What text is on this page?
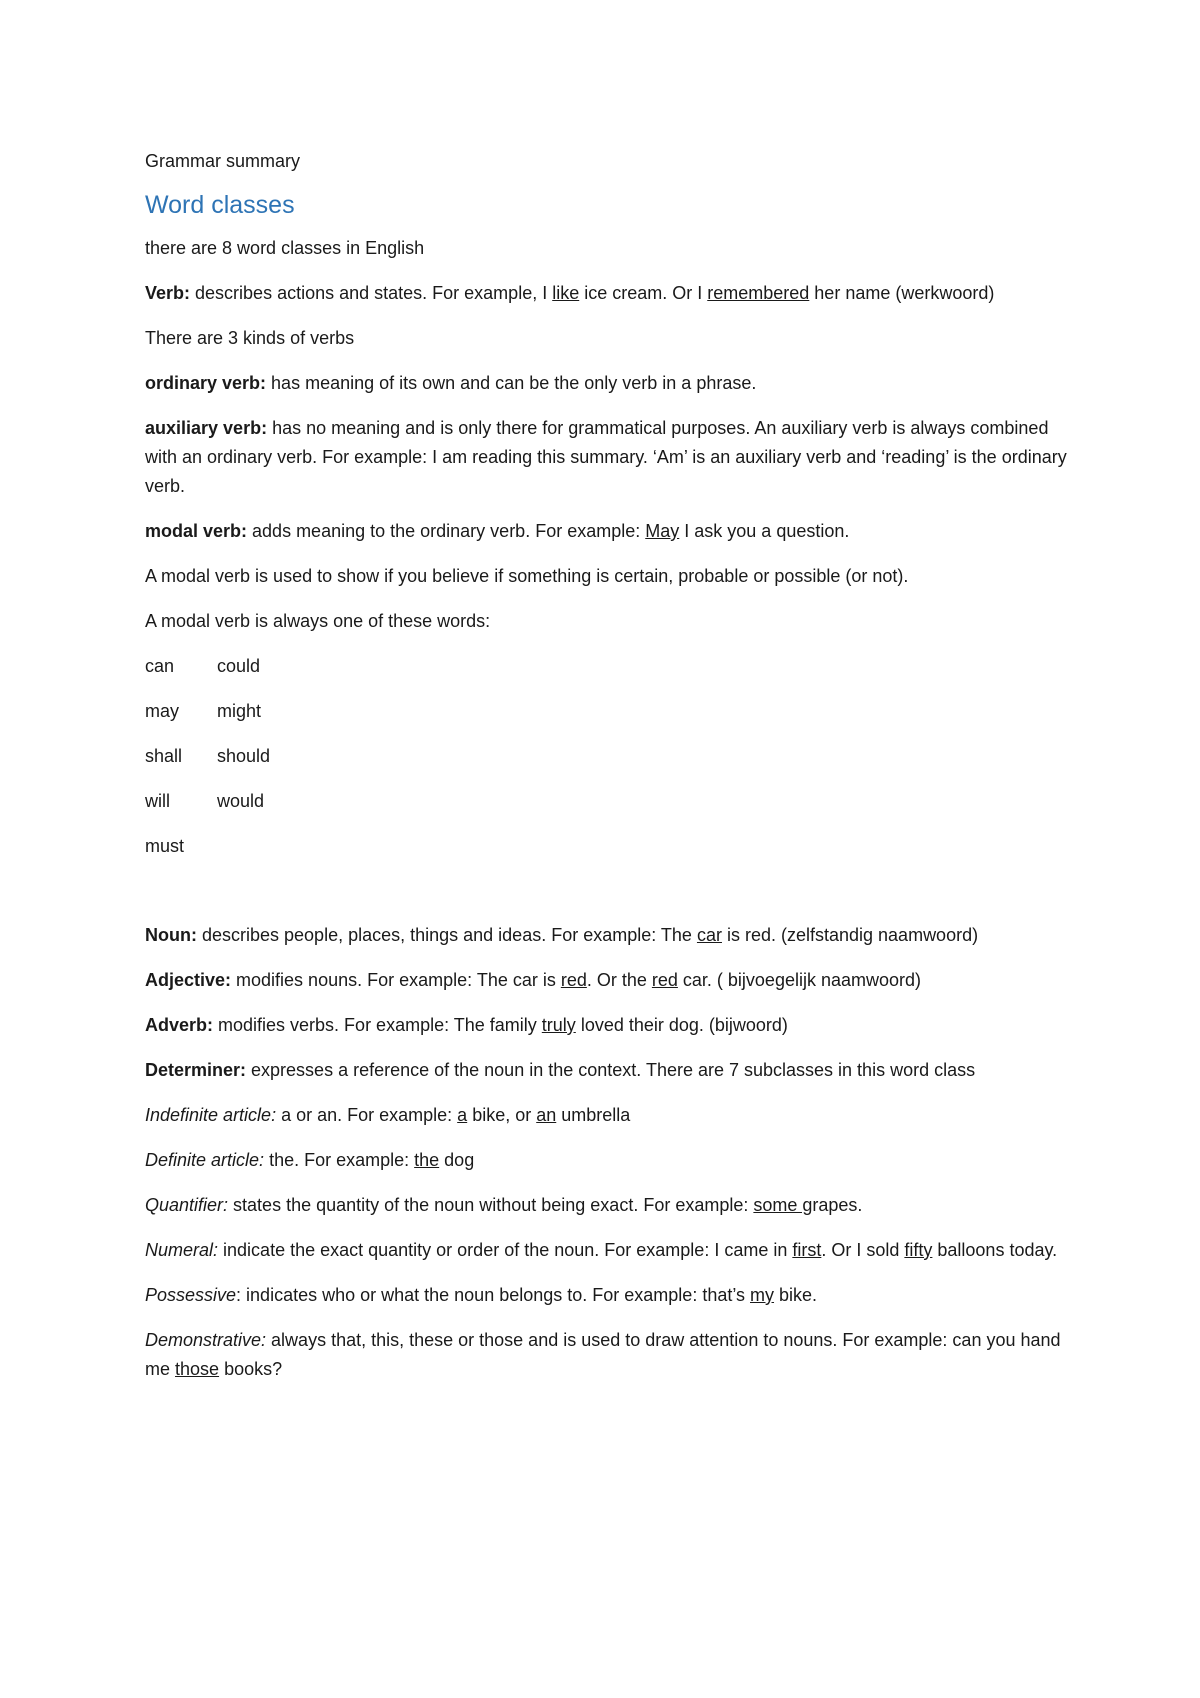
Grammar summary

Word classes

there are 8 word classes in English

Verb: describes actions and states. For example, I like ice cream. Or I remembered her name (werkwoord)

There are 3 kinds of verbs

ordinary verb: has meaning of its own and can be the only verb in a phrase.

auxiliary verb: has no meaning and is only there for grammatical purposes. An auxiliary verb is always combined with an ordinary verb. For example: I am reading this summary. ‘Am’ is an auxiliary verb and ‘reading’ is the ordinary verb.

modal verb: adds meaning to the ordinary verb. For example: May I ask you a question.

A modal verb is used to show if you believe if something is certain, probable or possible (or not).

A modal verb is always one of these words:

can	could
may	might
shall	should
will	would
must

Noun: describes people, places, things and ideas. For example: The car is red. (zelfstandig naamwoord)

Adjective: modifies nouns. For example: The car is red. Or the red car. ( bijvoegelijk naamwoord)

Adverb: modifies verbs. For example: The family truly loved their dog. (bijwoord)

Determiner: expresses a reference of the noun in the context. There are 7 subclasses in this word class

Indefinite article: a or an. For example: a bike, or an umbrella

Definite article: the. For example: the dog

Quantifier: states the quantity of the noun without being exact. For example: some grapes.

Numeral: indicate the exact quantity or order of the noun. For example: I came in first. Or I sold fifty balloons today.

Possessive: indicates who or what the noun belongs to. For example: that’s my bike.

Demonstrative: always that, this, these or those and is used to draw attention to nouns. For example: can you hand me those books?
